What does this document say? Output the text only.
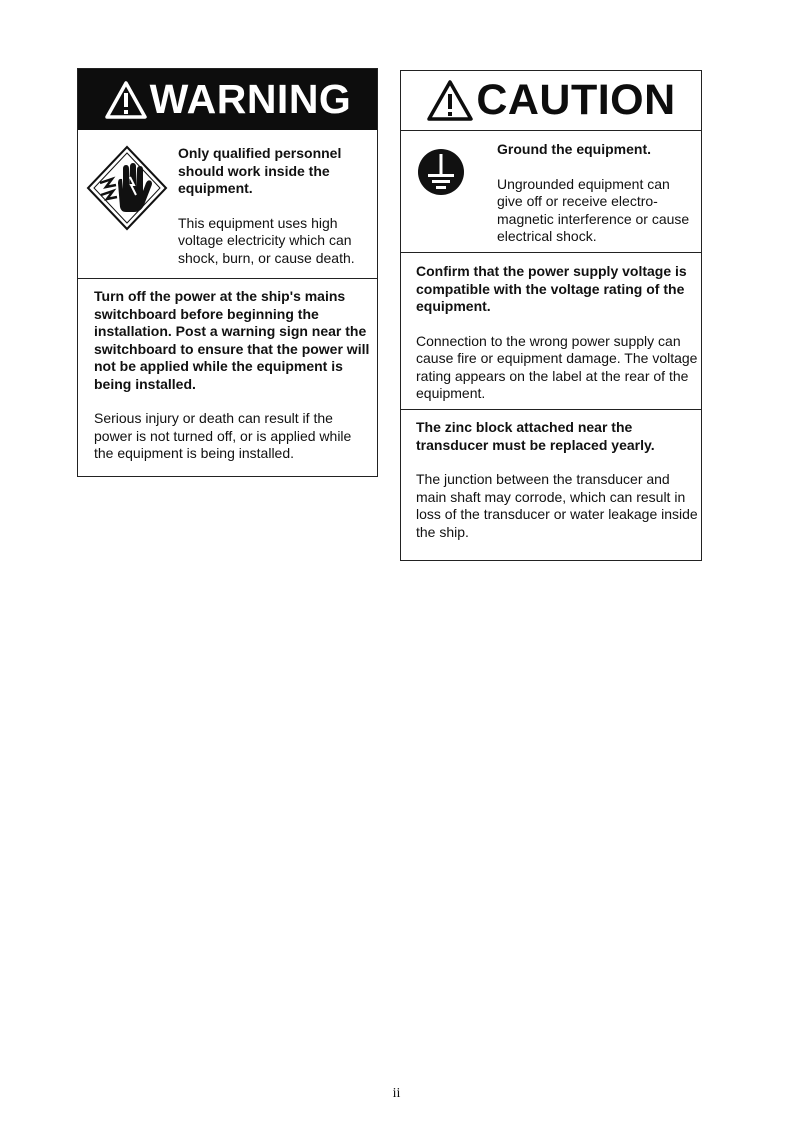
WARNING

Only qualified personnel should work inside the equipment.

This equipment uses high voltage electricity which can shock, burn, or cause death.

Turn off the power at the ship's mains switchboard before beginning the installation. Post a warning sign near the switchboard to ensure that the power will not be applied while the equipment is being installed.

Serious injury or death can result if the power is not turned off, or is applied while the equipment is being installed.

CAUTION

Ground the equipment.

Ungrounded equipment can give off or receive electro-magnetic interference or cause electrical shock.

Confirm that the power supply voltage is compatible with the voltage rating of the equipment.

Connection to the wrong power supply can cause fire or equipment damage. The voltage rating appears on the label at the rear of the equipment.

The zinc block attached near the transducer must be replaced yearly.

The junction between the transducer and main shaft may corrode, which can result in loss of the transducer or water leakage inside the ship.

ii
